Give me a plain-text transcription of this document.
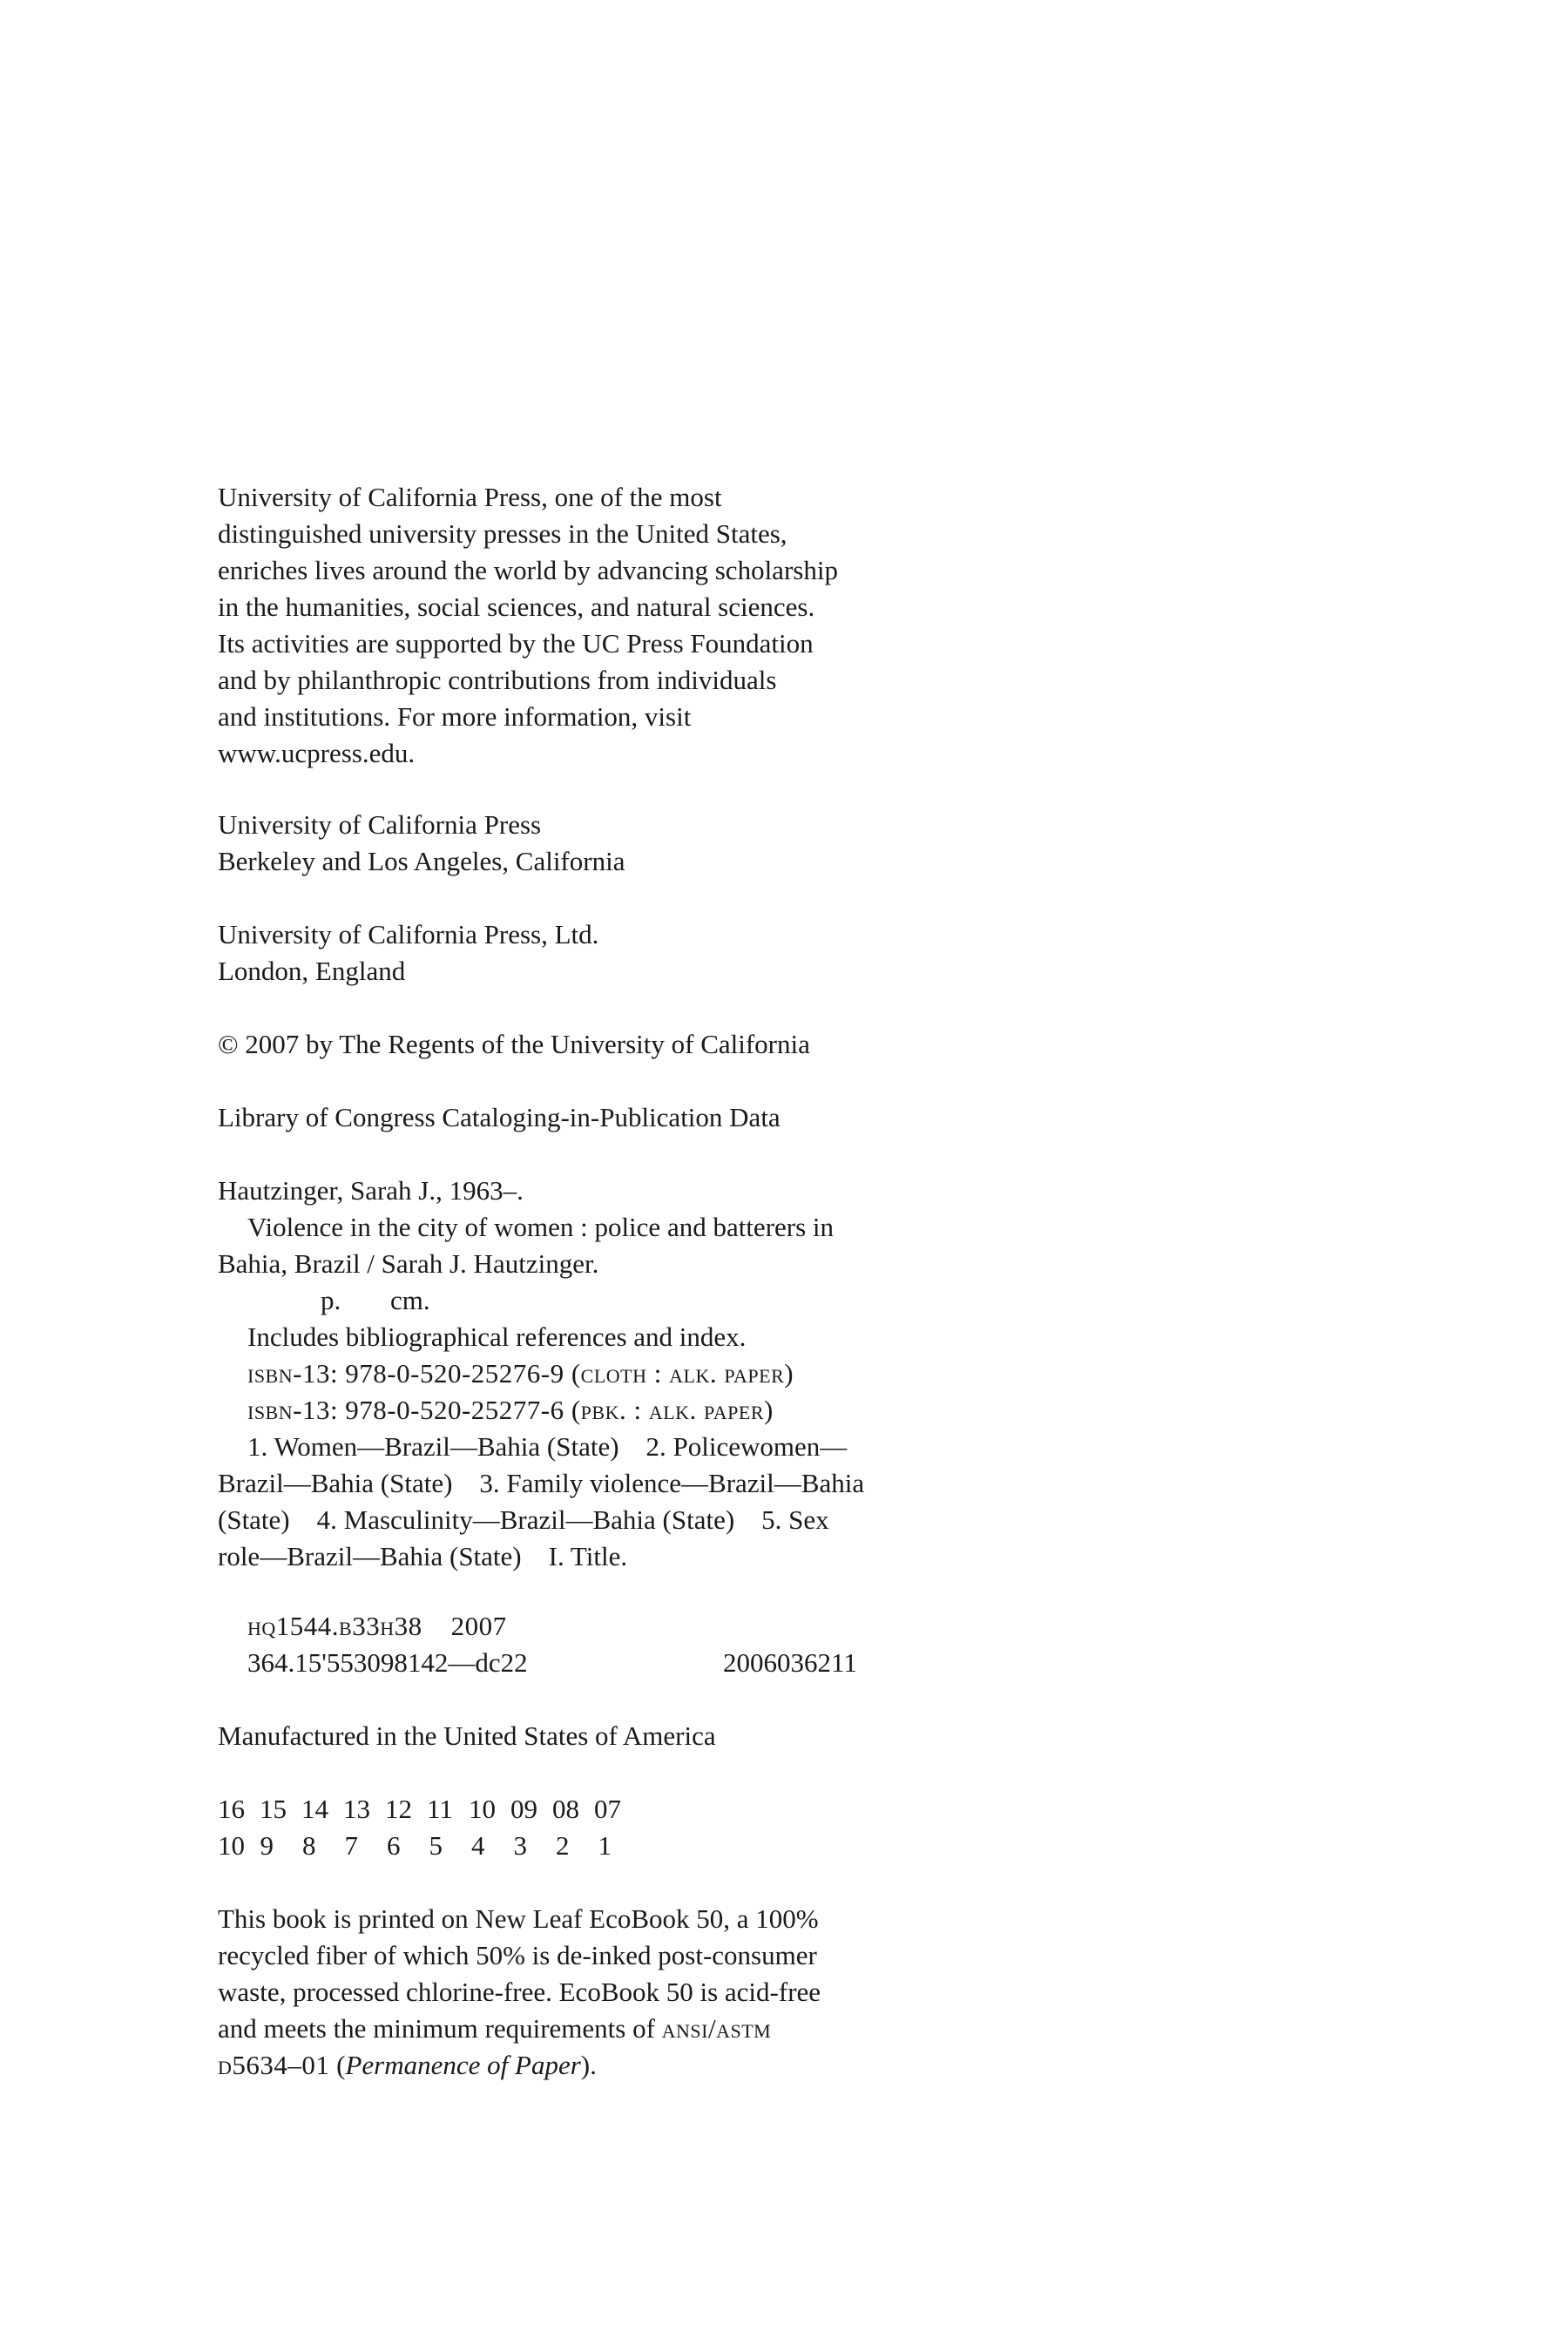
University of California Press, one of the most
distinguished university presses in the United States,
enriches lives around the world by advancing scholarship
in the humanities, social sciences, and natural sciences.
Its activities are supported by the UC Press Foundation
and by philanthropic contributions from individuals
and institutions. For more information, visit
www.ucpress.edu.
University of California Press
Berkeley and Los Angeles, California
University of California Press, Ltd.
London, England
© 2007 by The Regents of the University of California
Library of Congress Cataloging-in-Publication Data
Hautzinger, Sarah J., 1963–.
Violence in the city of women : police and batterers in
Bahia, Brazil / Sarah J. Hautzinger.
p. cm.
Includes bibliographical references and index.
isbn-13: 978-0-520-25276-9 (cloth : alk. paper)
isbn-13: 978-0-520-25277-6 (pbk. : alk. paper)
1. Women—Brazil—Bahia (State)    2. Policewomen—
Brazil—Bahia (State)    3. Family violence—Brazil—Bahia
(State)    4. Masculinity—Brazil—Bahia (State)    5. Sex
role—Brazil—Bahia (State)    I. Title.
hq1544.b33h38    2007
364.15'553098142—dc22	2006036211
Manufactured in the United States of America
16 15 14 13 12 11 10 09 08 07 10 9 8 7 6 5 4 3 2 1
This book is printed on New Leaf EcoBook 50, a 100%
recycled fiber of which 50% is de-inked post-consumer
waste, processed chlorine-free. EcoBook 50 is acid-free
and meets the minimum requirements of ansi/astm
d5634–01 (Permanence of Paper).
